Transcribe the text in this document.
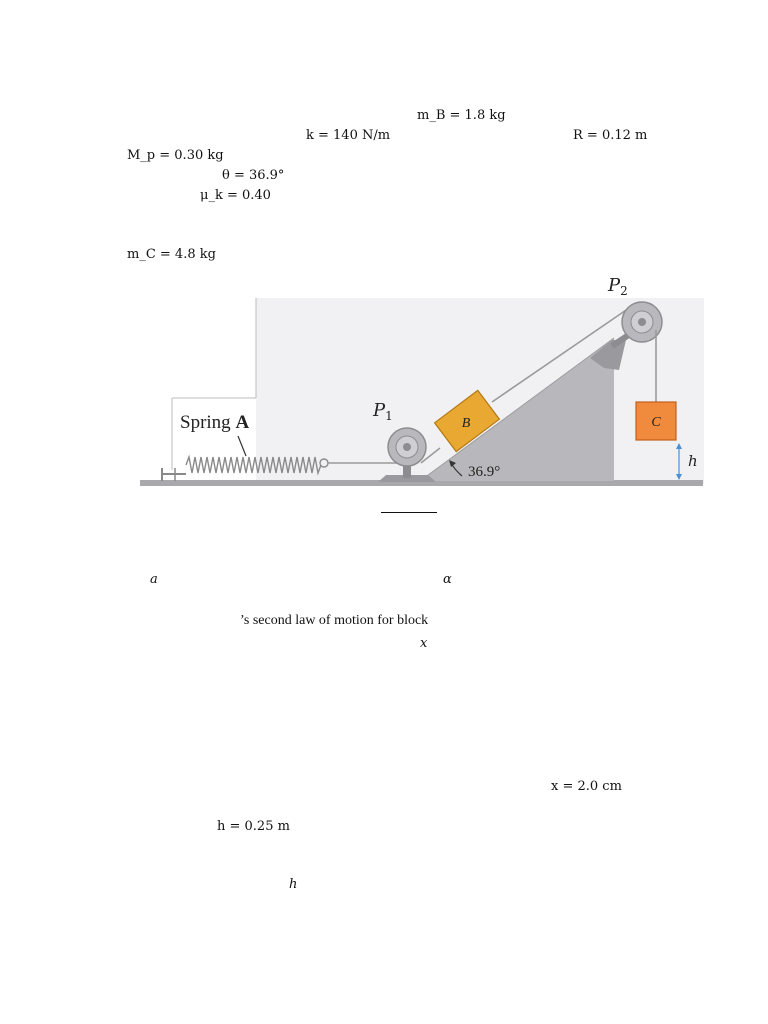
m_B = 1.8 kg
k = 140 N/m	R = 0.12 m
M_p = 0.30 kg
θ = 36.9°
μ_k = 0.40
m_C = 4.8 kg
B	C
h
36.9°
Spring A
$P_1$
$P_2$
a	α
’s second law of motion for block
x
x = 2.0 cm
h = 0.25 m
h
